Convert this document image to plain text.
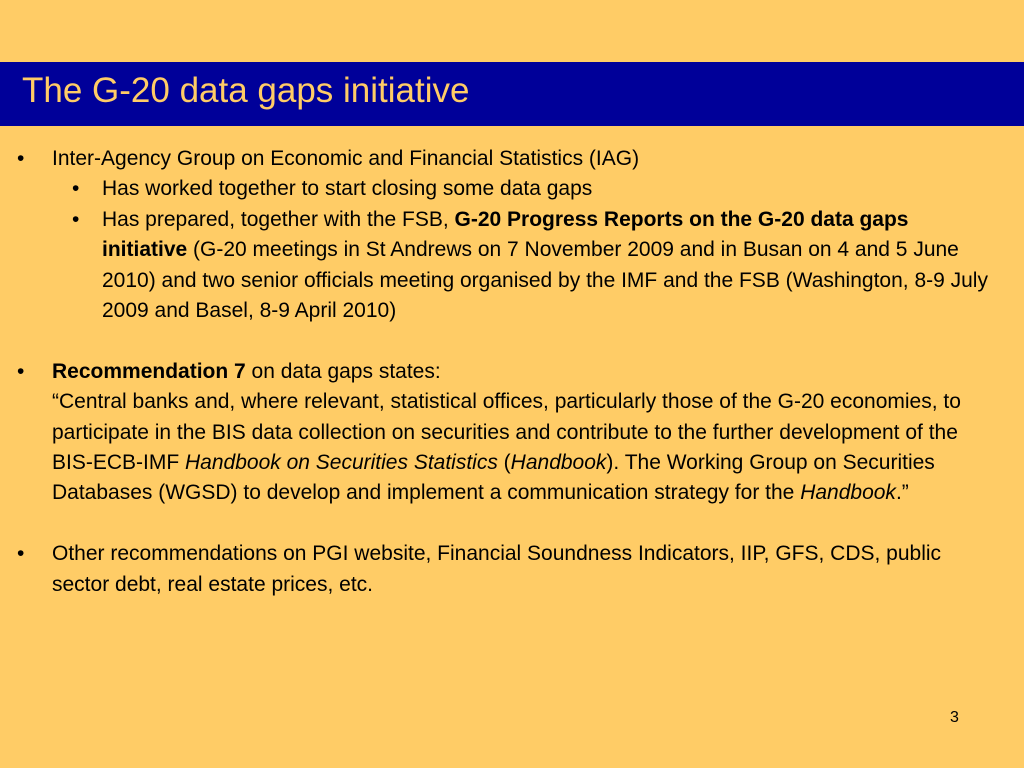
The G-20 data gaps initiative
• Inter-Agency Group on Economic and Financial Statistics (IAG)
• Has worked together to start closing some data gaps
• Has prepared, together with the FSB, G-20 Progress Reports on the G-20 data gaps initiative (G-20 meetings in St Andrews on 7 November 2009 and in Busan on 4 and 5 June 2010) and two senior officials meeting organised by the IMF and the FSB (Washington, 8-9 July 2009 and Basel, 8-9 April 2010)
• Recommendation 7 on data gaps states:
“Central banks and, where relevant, statistical offices, particularly those of the G-20 economies, to participate in the BIS data collection on securities and contribute to the further development of the BIS-ECB-IMF Handbook on Securities Statistics (Handbook). The Working Group on Securities Databases (WGSD) to develop and implement a communication strategy for the Handbook.”
• Other recommendations on PGI website, Financial Soundness Indicators, IIP, GFS, CDS, public sector debt, real estate prices, etc.
3
